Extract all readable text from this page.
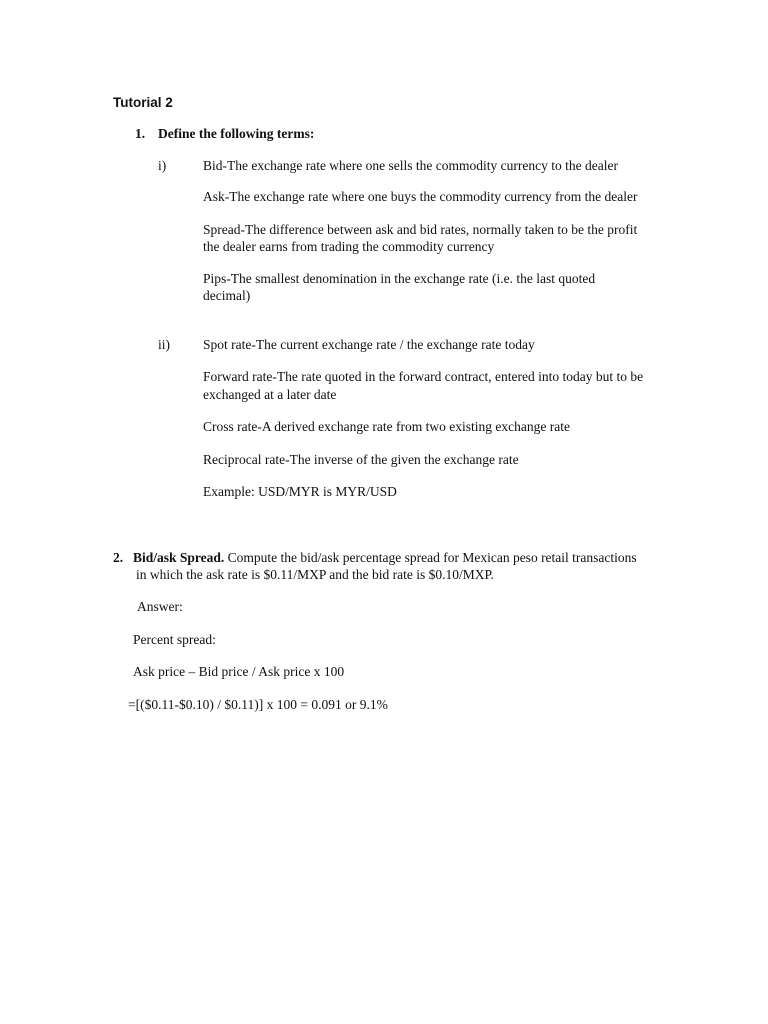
Tutorial 2
1. Define the following terms:
i)	Bid-The exchange rate where one sells the commodity currency to the dealer
Ask-The exchange rate where one buys the commodity currency from the dealer
Spread-The difference between ask and bid rates, normally taken to be the profit
the dealer earns from trading the commodity currency
Pips-The smallest denomination in the exchange rate (i.e. the last quoted
decimal)
ii) Spot rate-The current exchange rate / the exchange rate today
Forward rate-The rate quoted in the forward contract, entered into today but to be
exchanged at a later date
Cross rate-A derived exchange rate from two existing exchange rate
Reciprocal rate-The inverse of the given the exchange rate
Example: USD/MYR is MYR/USD
2. Bid/ask Spread. Compute the bid/ask percentage spread for Mexican peso retail transactions
in which the ask rate is $0.11/MXP and the bid rate is $0.10/MXP.
Answer:
Percent spread:
Ask price – Bid price / Ask price x 100
=[($0.11-$0.10) / $0.11)] x 100 = 0.091 or 9.1%
